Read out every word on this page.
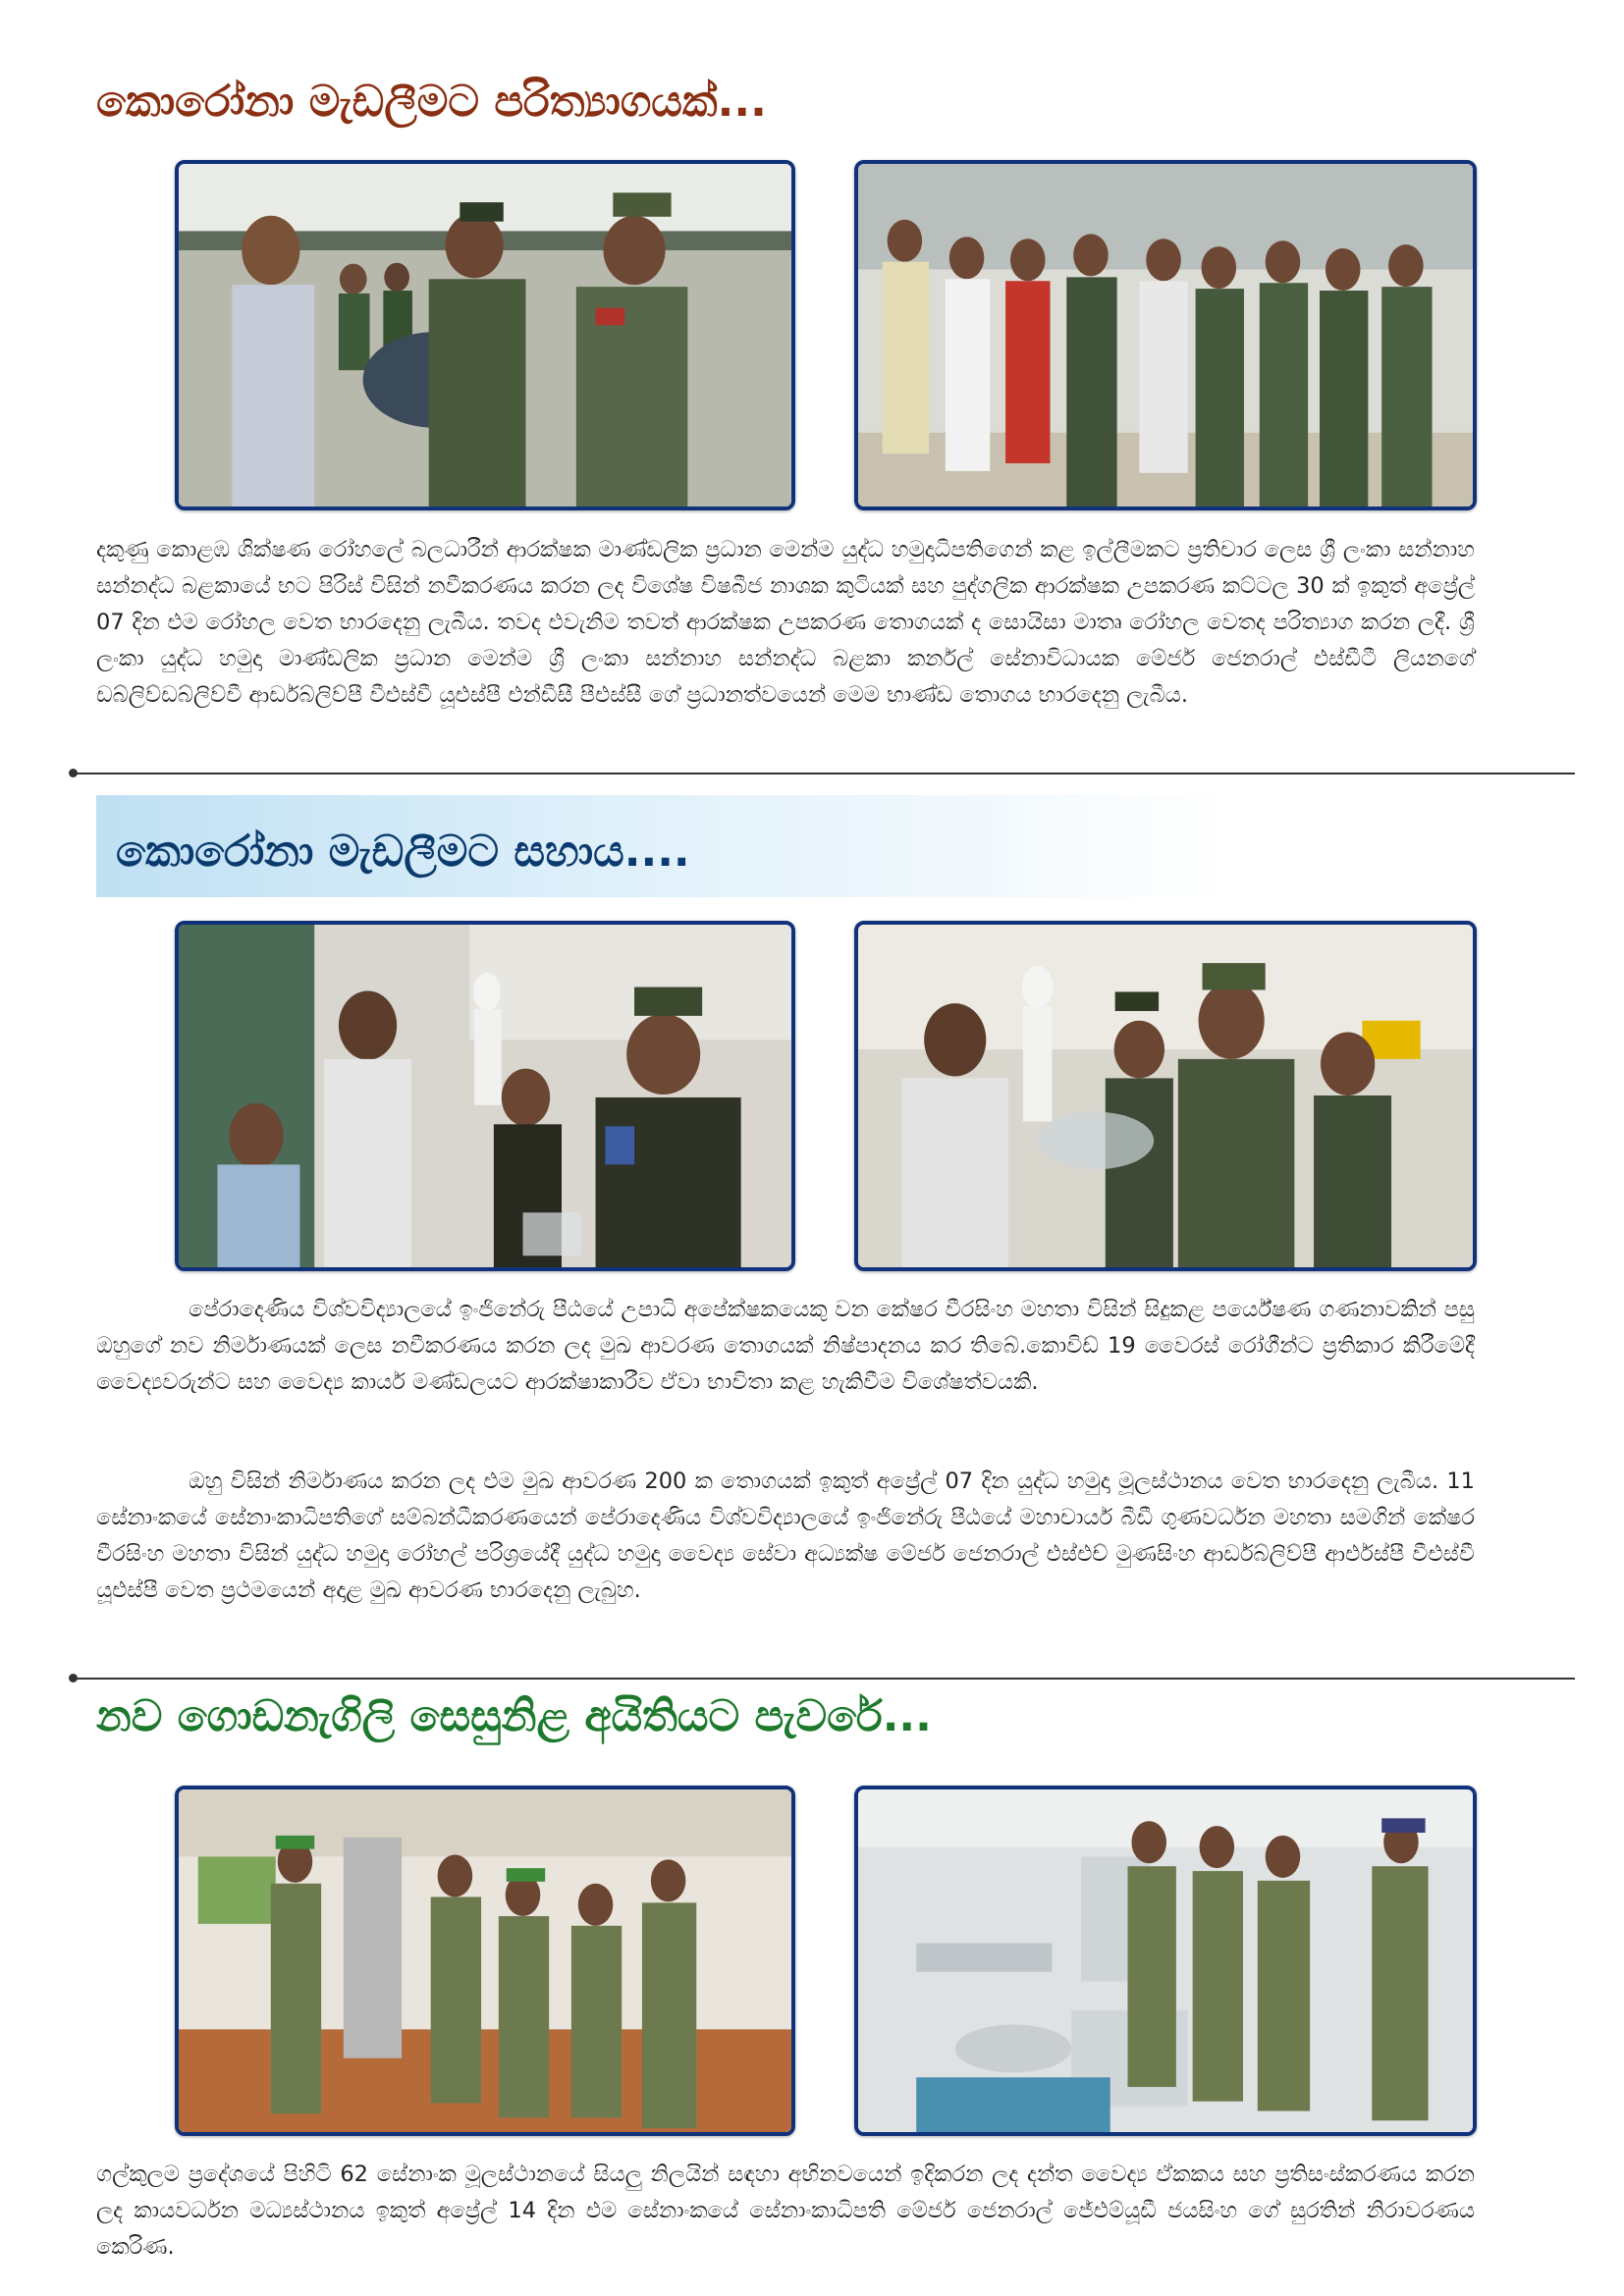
කොරෝනා මැඩලීමට පරිත්‍යාගයක්...
දකුණු කොළඹ ශික්ෂණ රෝහලේ බලධාරීන් ආරක්ෂක මාණ්ඩලික ප්‍රධාන මෙන්ම යුද්ධ හමුදාධිපතිගෙන් කළ ඉල්ලීමකට ප්‍රතිචාර ලෙස ශ්‍රී ලංකා සන්නාහ සන්නද්ධ බළකායේ භට පිරිස් විසින් නවීකරණය කරන ලද විශේෂ විෂබීජ නාශක කුටියක් සහ පුද්ගලික ආරක්ෂක උපකරණ කට්ටල 30 ක් ඉකුත් අප්‍රේල් 07 දින එම රෝහල වෙත භාරදෙනු ලැබීය. තවද එවැනිම තවත් ආරක්ෂක උපකරණ තොගයක් ද සොයිසා මාතෘ රෝහල වෙතද පරිත්‍යාග කරන ලදී. ශ්‍රී ලංකා යුද්ධ හමුදා මාණ්ඩලික ප්‍රධාන මෙන්ම ශ්‍රී ලංකා සන්නාහ සන්නද්ධ බළකා කර්නල් සේනාවිධායක මේජර් ජෙනරාල් එස්ඩීටී ලියනගේ ඩබ්ලිව්ඩබ්ලිව්වී ආර්ඩබ්ලිව්පී වීඑස්වී යූඑස්පී එන්ඩීසී පීඑස්සී ගේ ප්‍රධානත්වයෙන් මෙම භාණ්ඩ තොගය භාරදෙනු ලැබීය.
කොරෝනා මැඩලීමට සහාය....
පේරාදෙණිය විශ්වවිද්‍යාලයේ ඉංජිනේරු පීඨයේ උපාධි අපේක්ෂකයෙකු වන කේෂර වීරසිංහ මහතා විසින් සිදුකළ පර්යේෂණ ගණනාවකින් පසු ඔහුගේ නව නිර්මාණයක් ලෙස නවීකරණය කරන ලද මුඛ ආවරණ තොගයක් නිෂ්පාදනය කර තිබේ.කොවිඩ් 19 වෛරස් රෝගීන්ට ප්‍රතිකාර කිරීමේදී වෛද්‍යවරුන්ට සහ වෛද්‍ය කාර්ය මණ්ඩලයට ආරක්ෂාකාරීව ඒවා භාවිතා කළ හැකිවීම විශේෂත්වයකි.
ඔහු විසින් නිර්මාණය කරන ලද එම මුඛ ආවරණ 200 ක තොගයක් ඉකුත් අප්‍රේල් 07 දින යුද්ධ හමුදා මූලස්ථානය වෙත භාරදෙනු ලැබීය. 11 සේනාංකයේ සේනාංකාධිපතිගේ සම්බන්ධීකරණයෙන් පේරාදෙණිය විශ්වවිද්‍යාලයේ ඉංජිනේරු පීඨයේ මහාචාර්ය බීඩී ගුණවර්ධන මහතා සමගින් කේෂර වීරසිංහ මහතා විසින් යුද්ධ හමුදා රෝහල් පරිශ්‍රයේදී යුද්ධ හමුදා වෛද්‍ය සේවා අධ්‍යක්ෂ මේජර් ජෙනරාල් එස්එච් මුණසිංහ ආර්ඩබ්ලිව්පී ආර්එස්පී වීඑස්වී යූඑස්පී වෙත ප්‍රථමයෙන් අදාළ මුඛ ආවරණ භාරදෙනු ලැබුහ.
නව ගොඩනැගිලි සෙසුනිළ අයිතියට පැවරේ...
ගල්කුලම ප්‍රදේශයේ පිහිටි 62 සේනාංක මූලස්ථානයේ සියලු නිලයින් සඳහා අභිනවයෙන් ඉදිකරන ලද දන්ත වෛද්‍ය ඒකකය සහ ප්‍රතිසංස්කරණය කරන ලද කායවර්ධන මධ්‍යස්ථානය ඉකුත් අප්‍රේල් 14 දින එම සේනාංකයේ සේනාංකාධිපති මේජර් ජෙනරාල් ජේඑම්යූඩී ජයසිංහ ගේ සුරතින් නිරාවරණය කෙරිණ.
